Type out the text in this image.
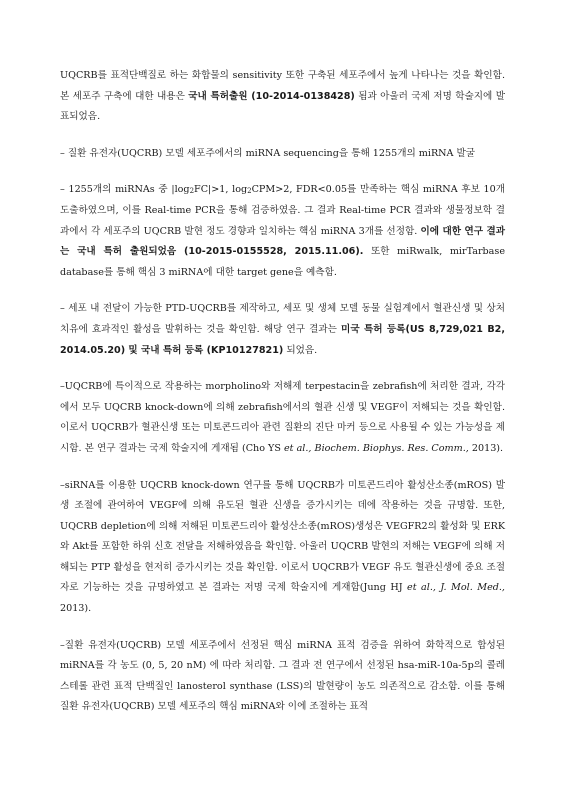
UQCRB를 표적단백질로 하는 화합물의 sensitivity 또한 구축된 세포주에서 높게 나타나는 것을 확인함. 본 세포주 구축에 대한 내용은 국내 특허출원 (10-2014-0138428) 됨과 아울러 국제 저명 학술지에 발표되었음.

– 질환 유전자(UQCRB) 모델 세포주에서의 miRNA sequencing을 통해 1255개의 miRNA 발굴

– 1255개의 miRNAs 중 $|\log_2FC|>1$, $\log_2CPM>2$, FDR<0.05를 만족하는 핵심 miRNA 후보 10개 도출하였으며, 이를 Real-time PCR을 통해 검증하였음. 그 결과 Real-time PCR 결과와 생물정보학 결과에서 각 세포주의 UQCRB 발현 정도 경향과 일치하는 핵심 miRNA 3개를 선정함. 이에 대한 연구 결과는 국내 특허 출원되었음 (10-2015-0155528, 2015.11.06). 또한 miRwalk, mirTarbase database를 통해 핵심 3 miRNA에 대한 target gene을 예측함.

– 세포 내 전달이 가능한 PTD-UQCRB를 제작하고, 세포 및 생체 모델 동물 실험계에서 혈관신생 및 상처치유에 효과적인 활성을 발휘하는 것을 확인함. 해당 연구 결과는 미국 특허 등록(US 8,729,021 B2, 2014.05.20) 및 국내 특허 등록 (KP10127821) 되었음.

–UQCRB에 특이적으로 작용하는 morpholino와 저해제 terpestacin을 zebrafish에 처리한 결과, 각각에서 모두 UQCRB knock-down에 의해 zebrafish에서의 혈관 신생 및 VEGF이 저해되는 것을 확인함. 이로서 UQCRB가 혈관신생 또는 미토콘드리아 관련 질환의 진단 마커 등으로 사용될 수 있는 가능성을 제시함. 본 연구 결과는 국제 학술지에 게재됨 (Cho YS et al., Biochem. Biophys. Res. Comm., 2013).

–siRNA를 이용한 UQCRB knock-down 연구를 통해 UQCRB가 미토콘드리아 활성산소종(mROS) 발생 조절에 관여하여 VEGF에 의해 유도된 혈관 신생을 증가시키는 데에 작용하는 것을 규명함. 또한, UQCRB depletion에 의해 저해된 미토콘드리아 활성산소종(mROS)생성은 VEGFR2의 활성화 및 ERK와 Akt를 포함한 하위 신호 전달을 저해하였음을 확인함. 아울러 UQCRB 발현의 저해는 VEGF에 의해 저해되는 PTP 활성을 현저히 증가시키는 것을 확인함. 이로서 UQCRB가 VEGF 유도 혈관신생에 중요 조절자로 기능하는 것을 규명하였고 본 결과는 저명 국제 학술지에 게재함(Jung HJ et al., J. Mol. Med., 2013).

–질환 유전자(UQCRB) 모델 세포주에서 선정된 핵심 miRNA 표적 검증을 위하여 화학적으로 합성된 miRNA를 각 농도 (0, 5, 20 nM) 에 따라 처리함. 그 결과 전 연구에서 선정된 hsa-miR-10a-5p의 콜레스테롤 관련 표적 단백질인 lanosterol synthase (LSS)의 발현량이 농도 의존적으로 감소함. 이를 통해 질환 유전자(UQCRB) 모델 세포주의 핵심 miRNA와 이에 조절하는 표적
